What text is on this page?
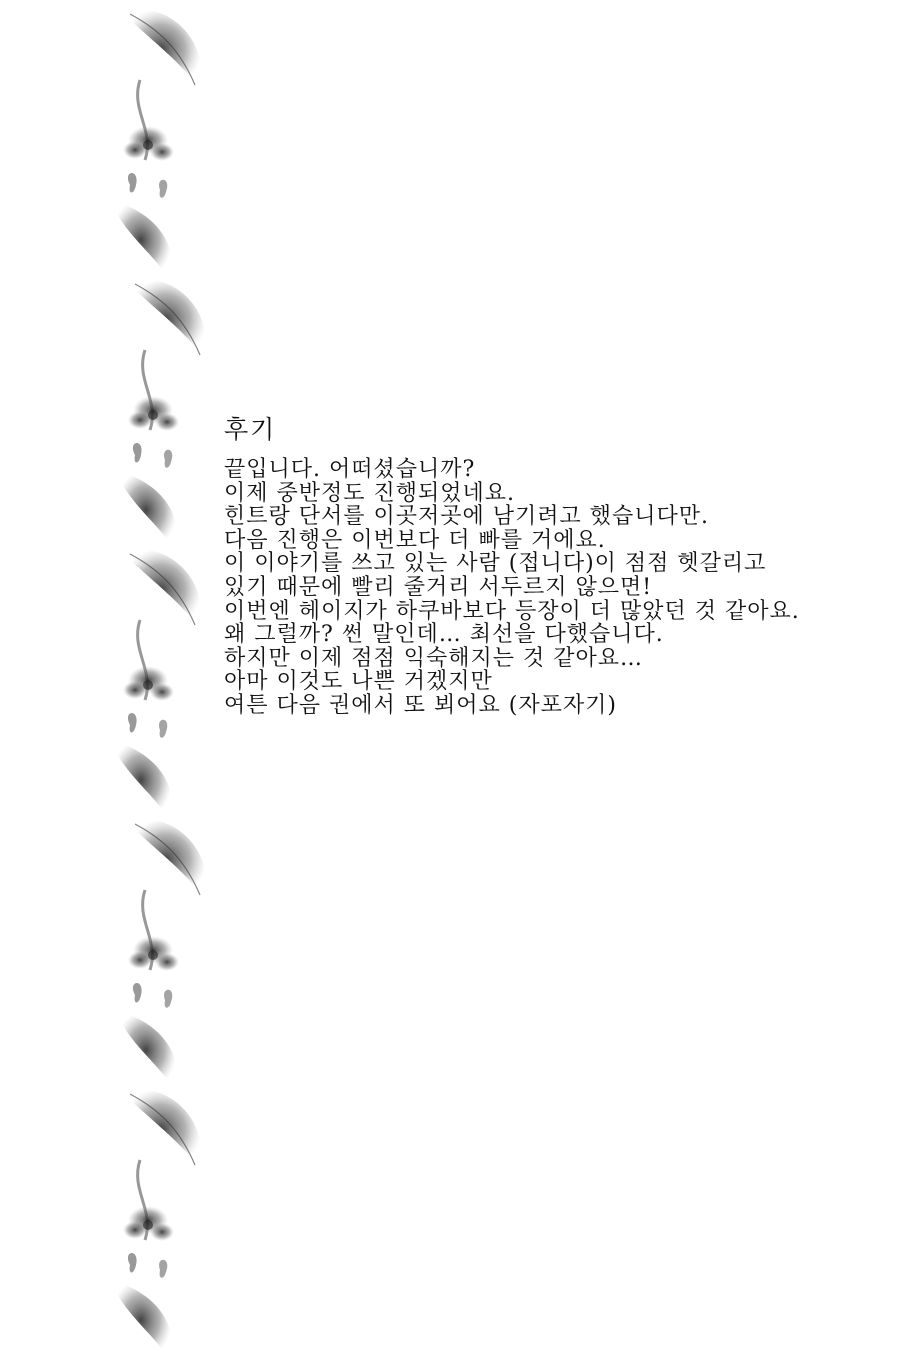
후기
끝입니다. 어떠셨습니까?
이제 중반정도 진행되었네요.
힌트랑 단서를 이곳저곳에 남기려고 했습니다만.
다음 진행은 이번보다 더 빠를 거에요.
이 이야기를 쓰고 있는 사람 (접니다)이 점점 헷갈리고
있기 때문에 빨리 줄거리 서두르지 않으면!
이번엔 헤이지가 하쿠바보다 등장이 더 많았던 것 같아요.
왜 그럴까? 썬 말인데… 최선을 다했습니다.
하지만 이제 점점 익숙해지는 것 같아요…
아마 이것도 나쁜 거겠지만
여튼 다음 권에서 또 뵈어요 (자포자기)
